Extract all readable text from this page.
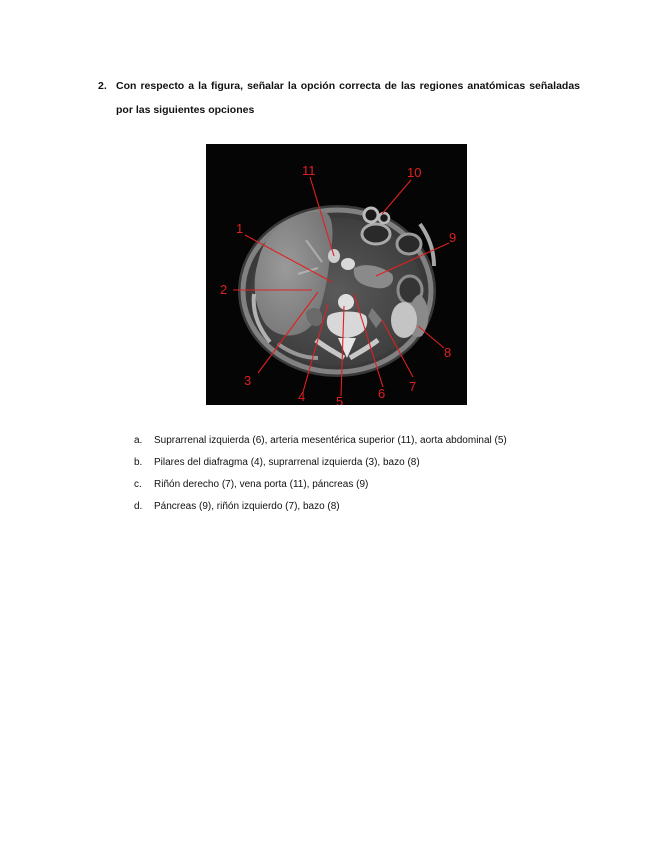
2. Con respecto a la figura, señalar la opción correcta de las regiones anatómicas señaladas por las siguientes opciones
11	10
9
1
2
3
4 5
6 7
8
a. Suprarrenal izquierda (6), arteria mesentérica superior (11), aorta abdominal (5)
b. Pilares del diafragma (4), suprarrenal izquierda (3), bazo (8)
c. Riñón derecho (7), vena porta (11), páncreas (9)
d. Páncreas (9), riñón izquierdo (7), bazo (8)
